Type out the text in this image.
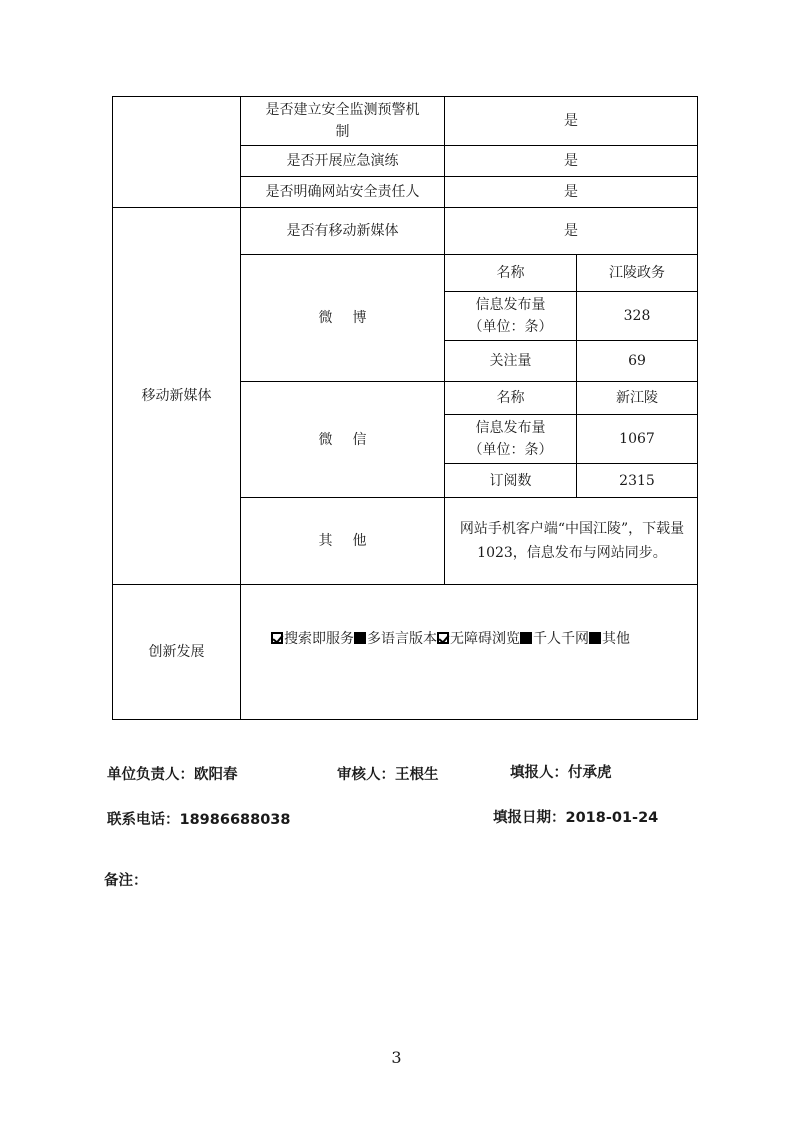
	是否建立安全监测预警机制	是	
	是否开展应急演练	是	
	是否明确网站安全责任人	是	
移动新媒体	是否有移动新媒体	是	
	微 博	名称	江陵政务

		信息发布量
（单位：条）	328
		关注量	69
	微 信	名称	新江陵

		信息发布量
（单位：条）	1067
		订阅数	2315
	其 他	网站手机客户端“中国江陵”，下载量1023，信息发布与网站同步。	
创新发展	搜索即服务 多语言版本 无障碍浏览 千人千网 其他		
单位负责人：欧阳春	审核人：王根生	填报人：付承虎
联系电话：18986688038	填报日期：2018-01-24
备注：
3
